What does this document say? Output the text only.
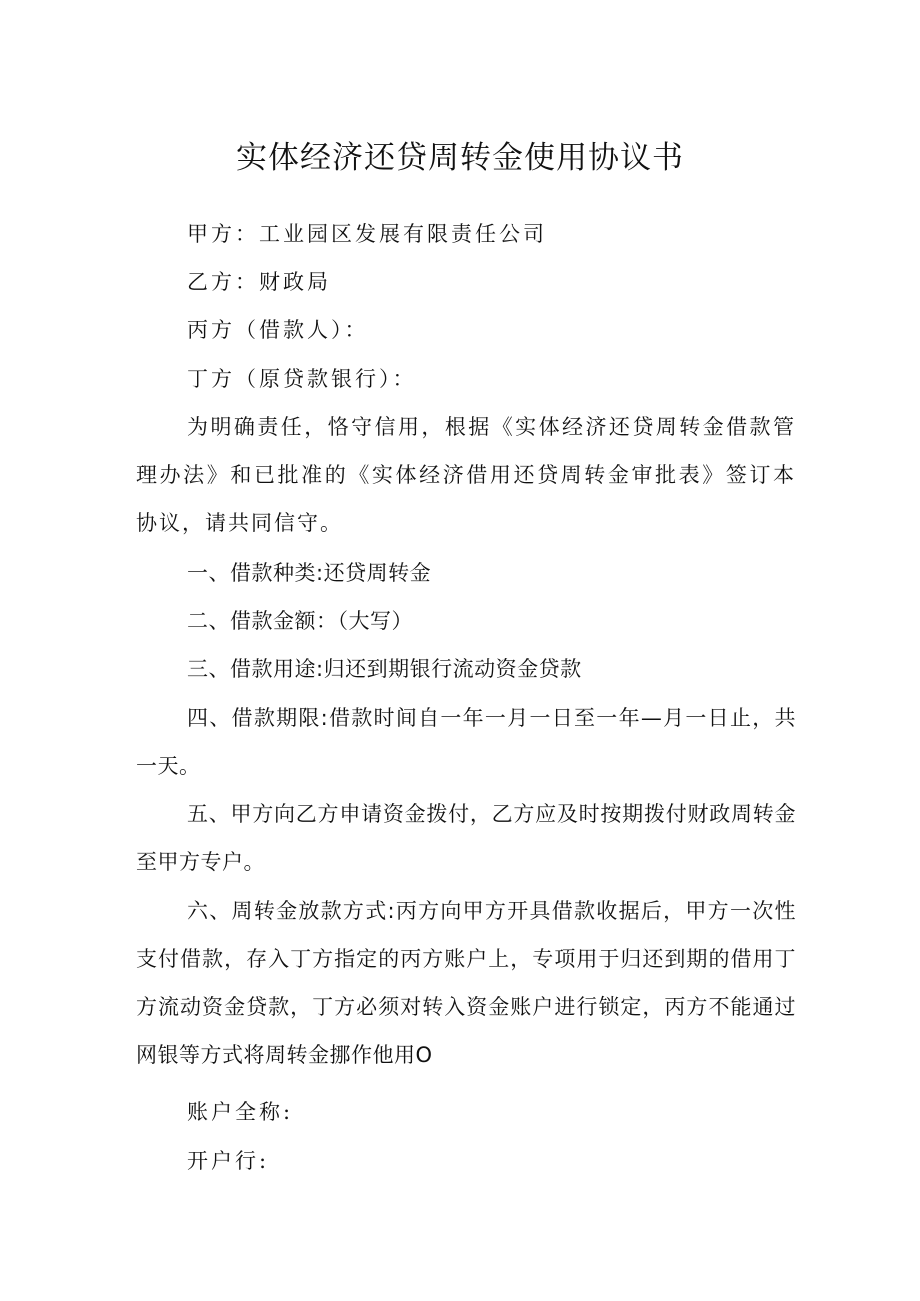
实体经济还贷周转金使用协议书
甲方：工业园区发展有限责任公司
乙方：财政局
丙方（借款人）：
丁方（原贷款银行）：

为明确责任，恪守信用，根据《实体经济还贷周转金借款管理办法》和已批准的《实体经济借用还贷周转金审批表》签订本协议，请共同信守。

一、借款种类:还贷周转金

二、借款金额：（大写）

三、借款用途:归还到期银行流动资金贷款

四、借款期限:借款时间自一年一月一日至一年—月一日止，共一天。

五、甲方向乙方申请资金拨付，乙方应及时按期拨付财政周转金至甲方专户。

六、周转金放款方式:丙方向甲方开具借款收据后，甲方一次性支付借款，存入丁方指定的丙方账户上，专项用于归还到期的借用丁方流动资金贷款，丁方必须对转入资金账户进行锁定，丙方不能通过网银等方式将周转金挪作他用O

账户全称:
开户行:
